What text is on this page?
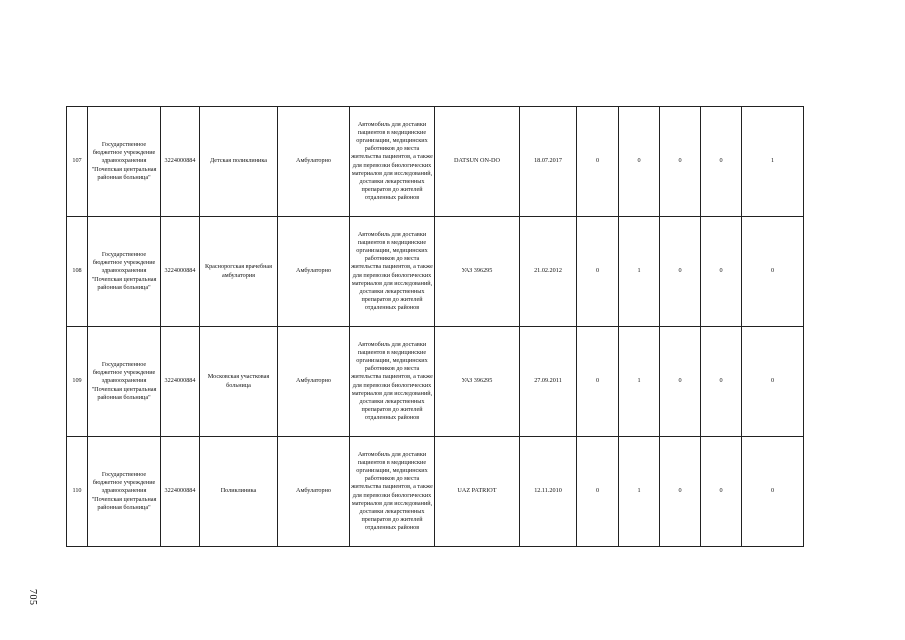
107	Государственное бюджетное учреждение здравоохранения "Почепская центральная районная больница"	3224000884	Детская поликлиника	Амбулаторно	Автомобиль для доставки пациентов в медицинские организации, медицинских работников до места жительства пациентов, а также для перевозки биологических материалов для исследований, доставки лекарственных препаратов до жителей отдаленных районов	DATSUN ON-DO	18.07.2017	0	0	0	0	1
108	Государственное бюджетное учреждение здравоохранения "Почепская центральная районная больница"	3224000884	Краснорогская врачебная амбулатория	Амбулаторно	Автомобиль для доставки пациентов в медицинские организации, медицинских работников до места жительства пациентов, а также для перевозки биологических материалов для исследований, доставки лекарственных препаратов до жителей отдаленных районов	УАЗ 396295	21.02.2012	0	1	0	0	0
109	Государственное бюджетное учреждение здравоохранения "Почепская центральная районная больница"	3224000884	Московская участковая больница	Амбулаторно	Автомобиль для доставки пациентов в медицинские организации, медицинских работников до места жительства пациентов, а также для перевозки биологических материалов для исследований, доставки лекарственных препаратов до жителей отдаленных районов	УАЗ 396295	27.09.2011	0	1	0	0	0
110	Государственное бюджетное учреждение здравоохранения "Почепская центральная районная больница"	3224000884	Поликлиника	Амбулаторно	Автомобиль для доставки пациентов в медицинские организации, медицинских работников до места жительства пациентов, а также для перевозки биологических материалов для исследований, доставки лекарственных препаратов до жителей отдаленных районов	UAZ PATRIOT	12.11.2010	0	1	0	0	0
705
